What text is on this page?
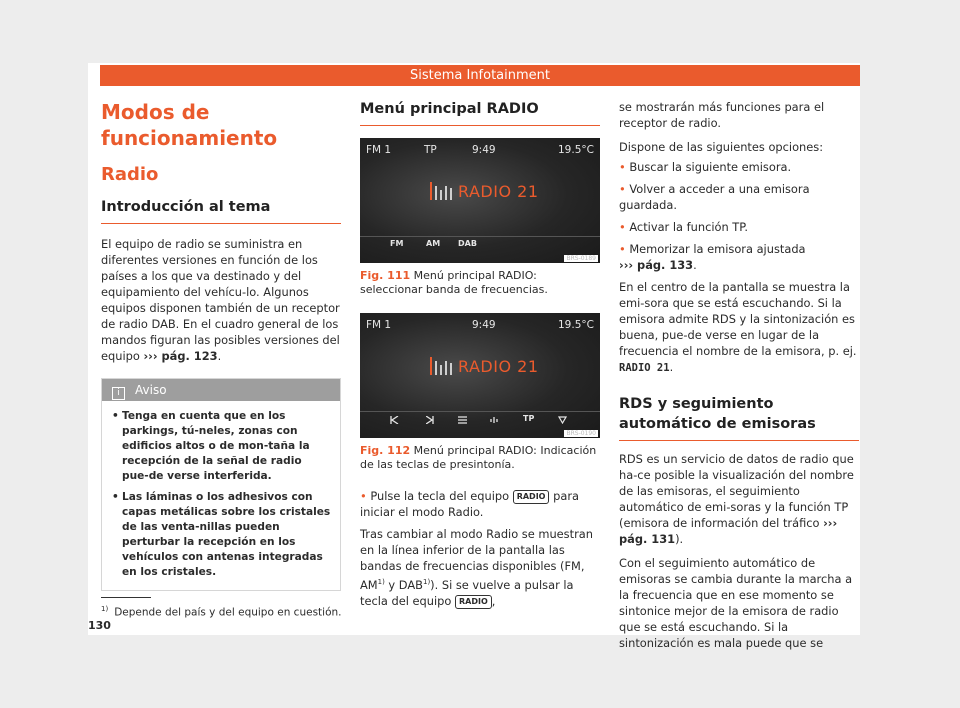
Sistema Infotainment
Modos de funcionamiento
Radio
Introducción al tema

El equipo de radio se suministra en diferentes versiones en función de los países a los que va destinado y del equipamiento del vehícu-lo. Algunos equipos disponen también de un receptor de radio DAB. En el cuadro general de los mandos figuran las posibles versiones del equipo ››› pág. 123.

i Aviso
• Tenga en cuenta que en los parkings, tú-neles, zonas con edificios altos o de mon-taña la recepción de la señal de radio pue-de verse interferida.
• Las láminas o los adhesivos con capas metálicas sobre los cristales de las venta-nillas pueden perturbar la recepción en los vehículos con antenas integradas en los cristales.
Menú principal RADIO
FM 1	TP	9:49	19.5°C
RADIO 21
FM	AM DAB
BRS-0189
Fig. 111 Menú principal RADIO: seleccionar banda de frecuencias.
FM 1	9:49	19.5°C
RADIO 21
TP
BRS-0190
Fig. 112 Menú principal RADIO: Indicación de las teclas de presintonía.

• Pulse la tecla del equipo RADIO para iniciar el modo Radio.

Tras cambiar al modo Radio se muestran en la línea inferior de la pantalla las bandas de frecuencias disponibles (FM, AM$^{1)}$ y DAB$^{1)}$). Si se vuelve a pulsar la tecla del equipo RADIO ,

se mostrarán más funciones para el receptor de radio.

Dispone de las siguientes opciones:

• Buscar la siguiente emisora.

• Volver a acceder a una emisora guardada.

• Activar la función TP.

• Memorizar la emisora ajustada
››› pág. 133.

En el centro de la pantalla se muestra la emi-sora que se está escuchando. Si la emisora admite RDS y la sintonización es buena, pue-de verse en lugar de la frecuencia el nombre de la emisora, p. ej. RADIO 21.

RDS y seguimiento automático de emisoras

RDS es un servicio de datos de radio que ha-ce posible la visualización del nombre de las emisoras, el seguimiento automático de emi-soras y la función TP (emisora de información del tráfico ››› pág. 131).

Con el seguimiento automático de emisoras se cambia durante la marcha a la frecuencia que en ese momento se sintonice mejor de la emisora de radio que se está escuchando. Si la sintonización es mala puede que se

$^{1)}$ Depende del país y del equipo en cuestión.
130
